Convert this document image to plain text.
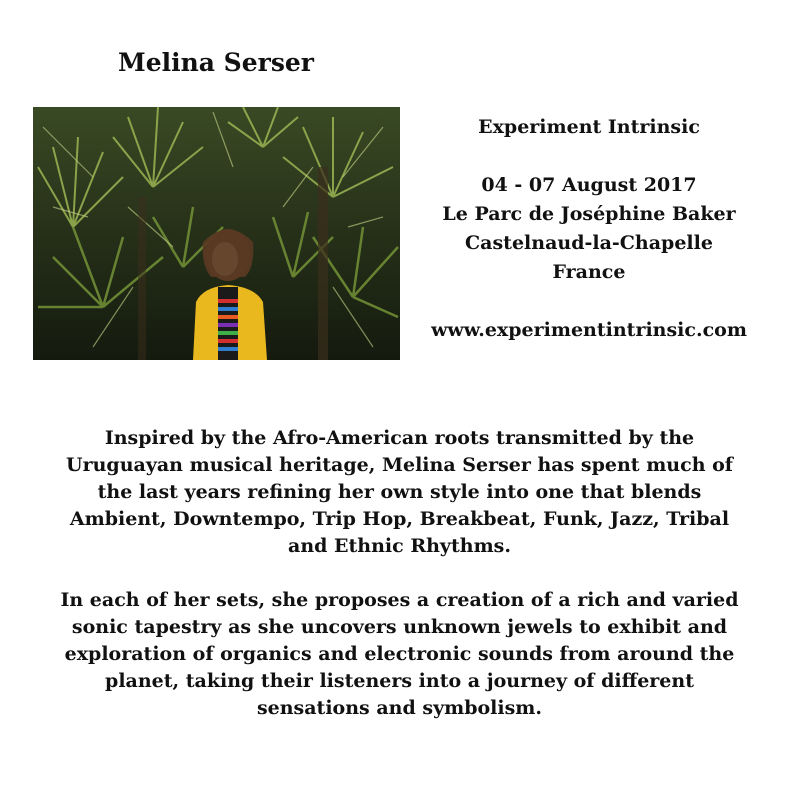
Melina Serser
Experiment Intrinsic
04 - 07 August 2017
Le Parc de Joséphine Baker
Castelnaud-la-Chapelle
France
www.experimentintrinsic.com

Inspired by the Afro-American roots transmitted by the Uruguayan musical heritage, Melina Serser has spent much of the last years refining her own style into one that blends Ambient, Downtempo, Trip Hop, Breakbeat, Funk, Jazz, Tribal and Ethnic Rhythms.

In each of her sets, she proposes a creation of a rich and varied sonic tapestry as she uncovers unknown jewels to exhibit and exploration of organics and electronic sounds from around the planet, taking their listeners into a journey of different sensations and symbolism.
